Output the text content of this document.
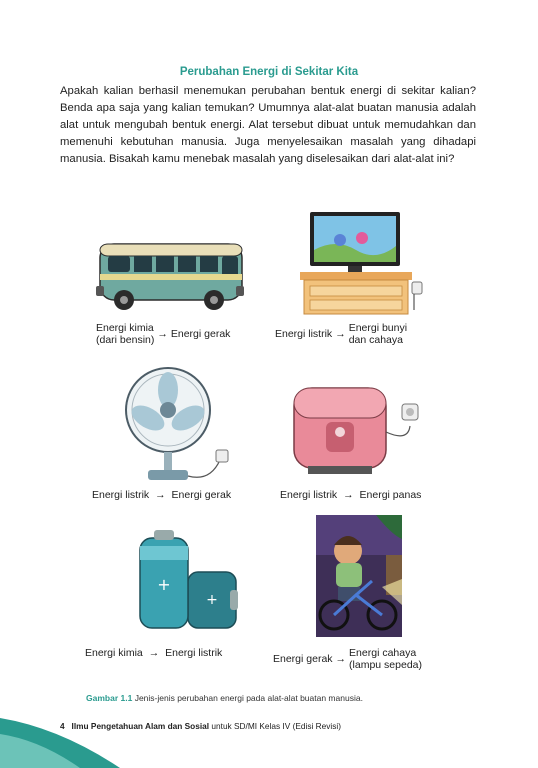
Perubahan Energi di Sekitar Kita
Apakah kalian berhasil menemukan perubahan bentuk energi di sekitar kalian? Benda apa saja yang kalian temukan? Umumnya alat-alat buatan manusia adalah alat untuk mengubah bentuk energi. Alat tersebut dibuat untuk memudahkan dan memenuhi kebutuhan manusia. Juga menyelesaikan masalah yang dihadapi manusia. Bisakah kamu menebak masalah yang diselesaikan dari alat-alat ini?
+
+
Energi kimia
(dari bensin) → Energi gerak	Energi listrik → Energi bunyi
dan cahaya
Energi listrik → Energi gerak	Energi listrik → Energi panas
Energi kimia → Energi listrik	Energi gerak → Energi cahaya
(lampu sepeda)
Gambar 1.1 Jenis-jenis perubahan energi pada alat-alat buatan manusia.
4 Ilmu Pengetahuan Alam dan Sosial untuk SD/MI Kelas IV (Edisi Revisi)
